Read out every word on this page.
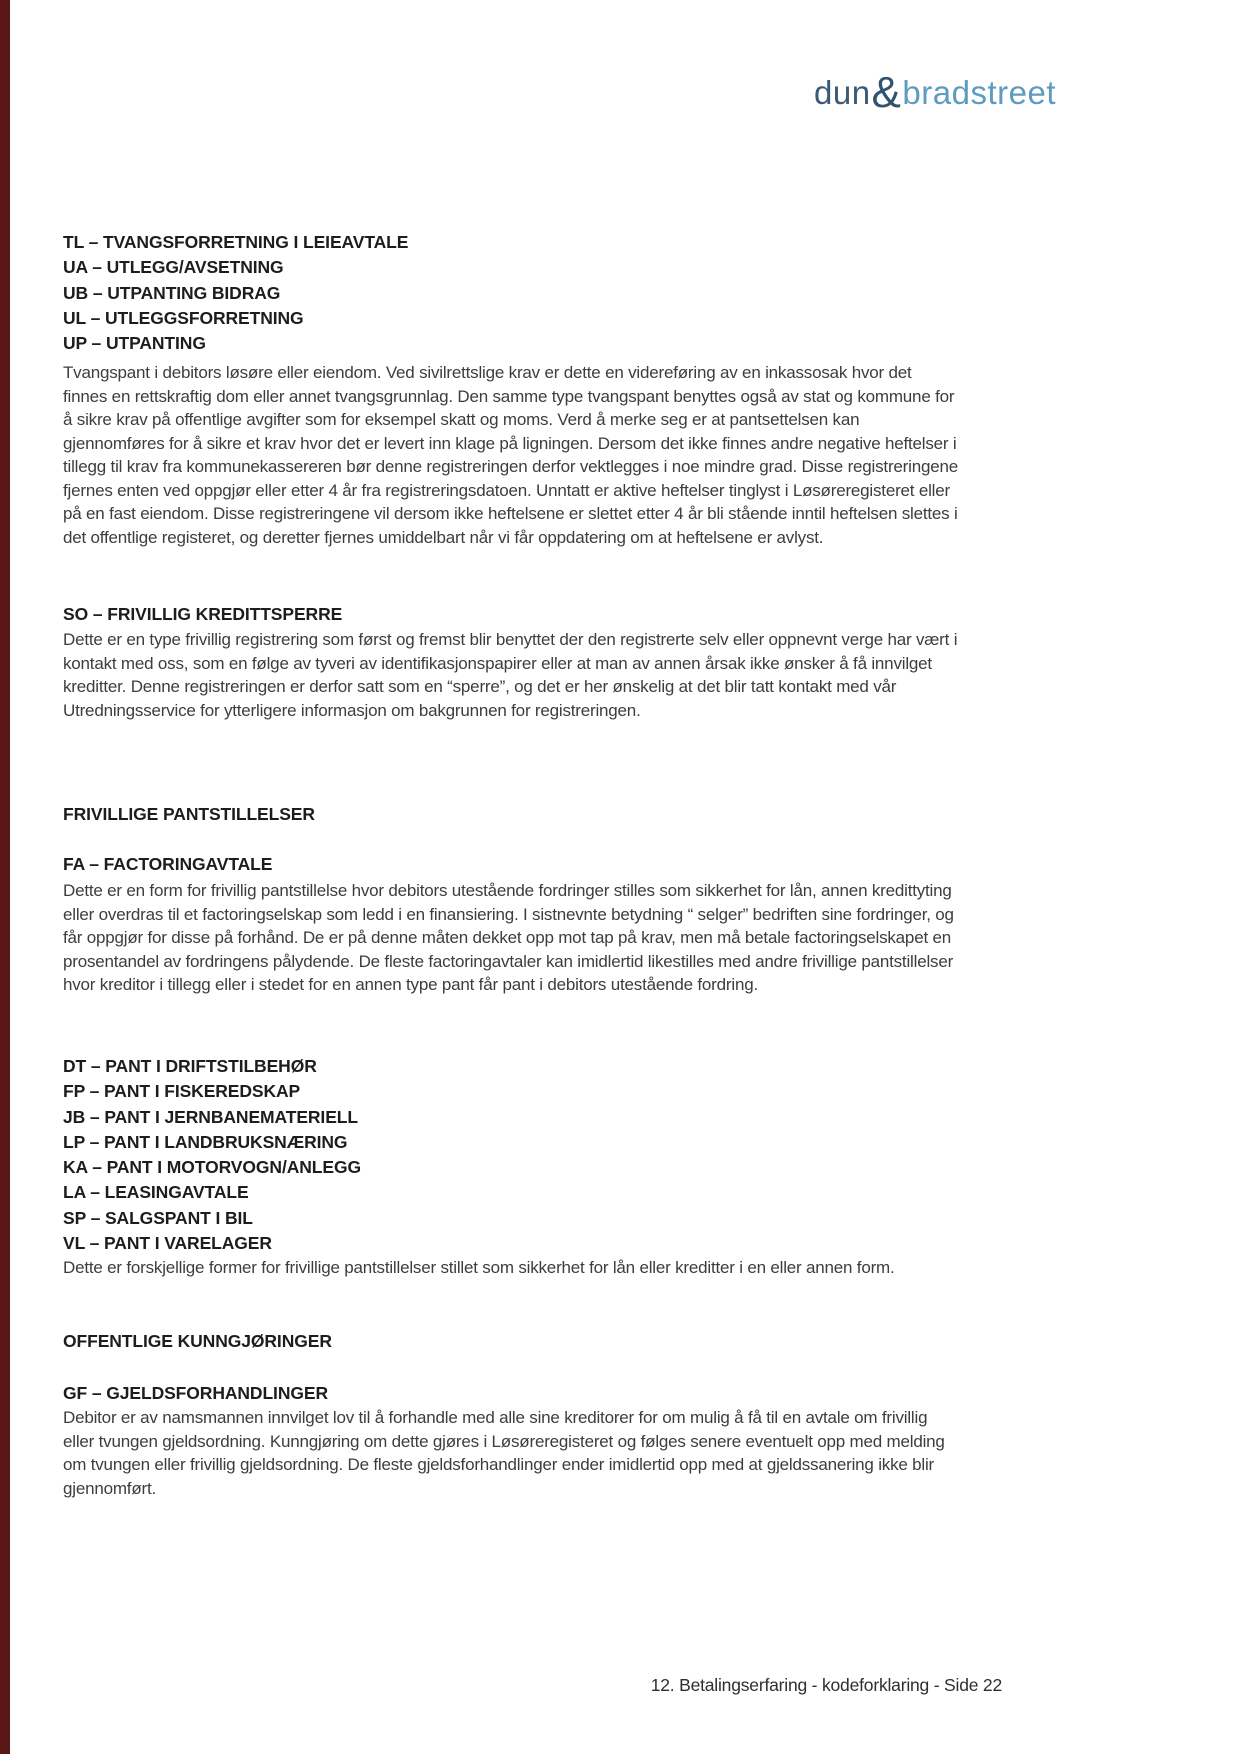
dun&bradstreet
TL – TVANGSFORRETNING I LEIEAVTALE
UA – UTLEGG/AVSETNING
UB – UTPANTING BIDRAG
UL – UTLEGGSFORRETNING
UP – UTPANTING
Tvangspant i debitors løsøre eller eiendom. Ved sivilrettslige krav er dette en videreføring av en inkassosak hvor det finnes en rettskraftig dom eller annet tvangsgrunnlag. Den samme type tvangspant benyttes også av stat og kommune for å sikre krav på offentlige avgifter som for eksempel skatt og moms. Verd å merke seg er at pantsettelsen kan gjennomføres for å sikre et krav hvor det er levert inn klage på ligningen. Dersom det ikke finnes andre negative heftelser i tillegg til krav fra kommunekassereren bør denne registreringen derfor vektlegges i noe mindre grad. Disse registreringene fjernes enten ved oppgjør eller etter 4 år fra registreringsdatoen. Unntatt er aktive heftelser tinglyst i Løsøreregisteret eller på en fast eiendom. Disse registreringene vil dersom ikke heftelsene er slettet etter 4 år bli stående inntil heftelsen slettes i det offentlige registeret, og deretter fjernes umiddelbart når vi får oppdatering om at heftelsene er avlyst.
SO – FRIVILLIG KREDITTSPERRE
Dette er en type frivillig registrering som først og fremst blir benyttet der den registrerte selv eller oppnevnt verge har vært i kontakt med oss, som en følge av tyveri av identifikasjonspapirer eller at man av annen årsak ikke ønsker å få innvilget kreditter. Denne registreringen er derfor satt som en “sperre”, og det er her ønskelig at det blir tatt kontakt med vår Utredningsservice for ytterligere informasjon om bakgrunnen for registreringen.
FRIVILLIGE PANTSTILLELSER
FA – FACTORINGAVTALE
Dette er en form for frivillig pantstillelse hvor debitors utestående fordringer stilles som sikkerhet for lån, annen kredittyting eller overdras til et factoringselskap som ledd i en finansiering. I sistnevnte betydning “ selger” bedriften sine fordringer, og får oppgjør for disse på forhånd. De er på denne måten dekket opp mot tap på krav, men må betale factoringselskapet en prosentandel av fordringens pålydende. De fleste factoringavtaler kan imidlertid likestilles med andre frivillige pantstillelser hvor kreditor i tillegg eller i stedet for en annen type pant får pant i debitors utestående fordring.
DT – PANT I DRIFTSTILBEHØR
FP – PANT I FISKEREDSKAP
JB – PANT I JERNBANEMATERIELL
LP – PANT I LANDBRUKSNÆRING
KA – PANT I MOTORVOGN/ANLEGG
LA – LEASINGAVTALE
SP – SALGSPANT I BIL
VL – PANT I VARELAGER
Dette er forskjellige former for frivillige pantstillelser stillet som sikkerhet for lån eller kreditter i en eller annen form.
OFFENTLIGE KUNNGJØRINGER
GF – GJELDSFORHANDLINGER
Debitor er av namsmannen innvilget lov til å forhandle med alle sine kreditorer for om mulig å få til en avtale om frivillig eller tvungen gjeldsordning. Kunngjøring om dette gjøres i Løsøreregisteret og følges senere eventuelt opp med melding om tvungen eller frivillig gjeldsordning. De fleste gjeldsforhandlinger ender imidlertid opp med at gjeldssanering ikke blir gjennomført.
12. Betalingserfaring - kodeforklaring - Side 22
